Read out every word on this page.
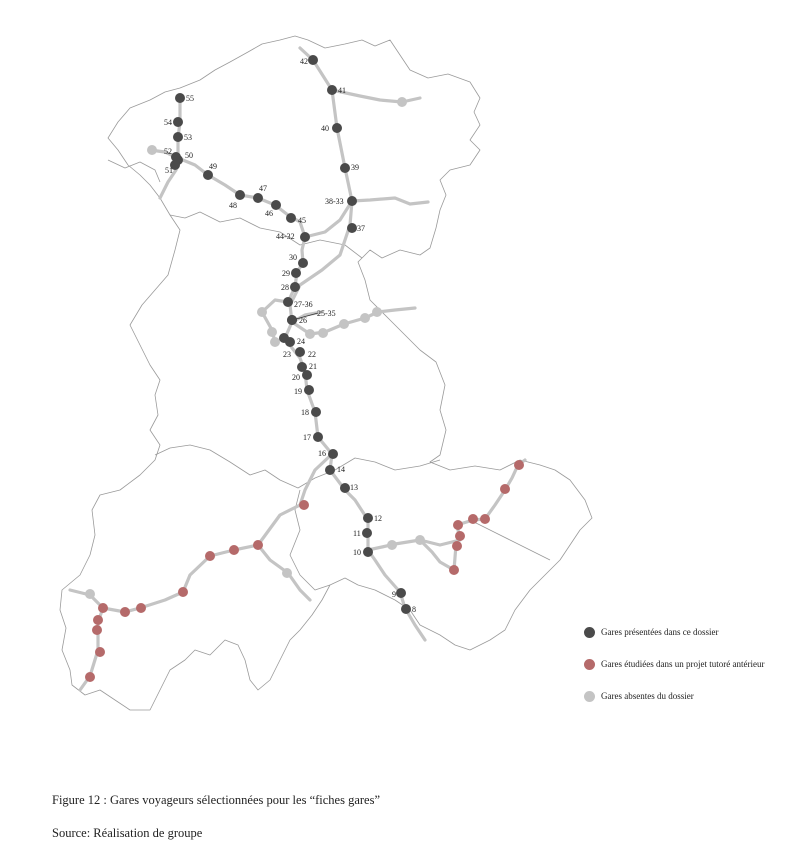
42
41
40
39
38-33
37
55
54
53
52 50
51	49
48
47
46
45
44-32
30
29
28
27-36
25-35
26
24
23 22
21
20
19
18
17
16
14
13
12
11
10
9
8
Gares présentées dans ce dossier
Gares étudiées dans un projet tutoré antérieur
Gares absentes du dossier
Figure 12 : Gares voyageurs sélectionnées pour les “fiches gares”
Source: Réalisation de groupe
